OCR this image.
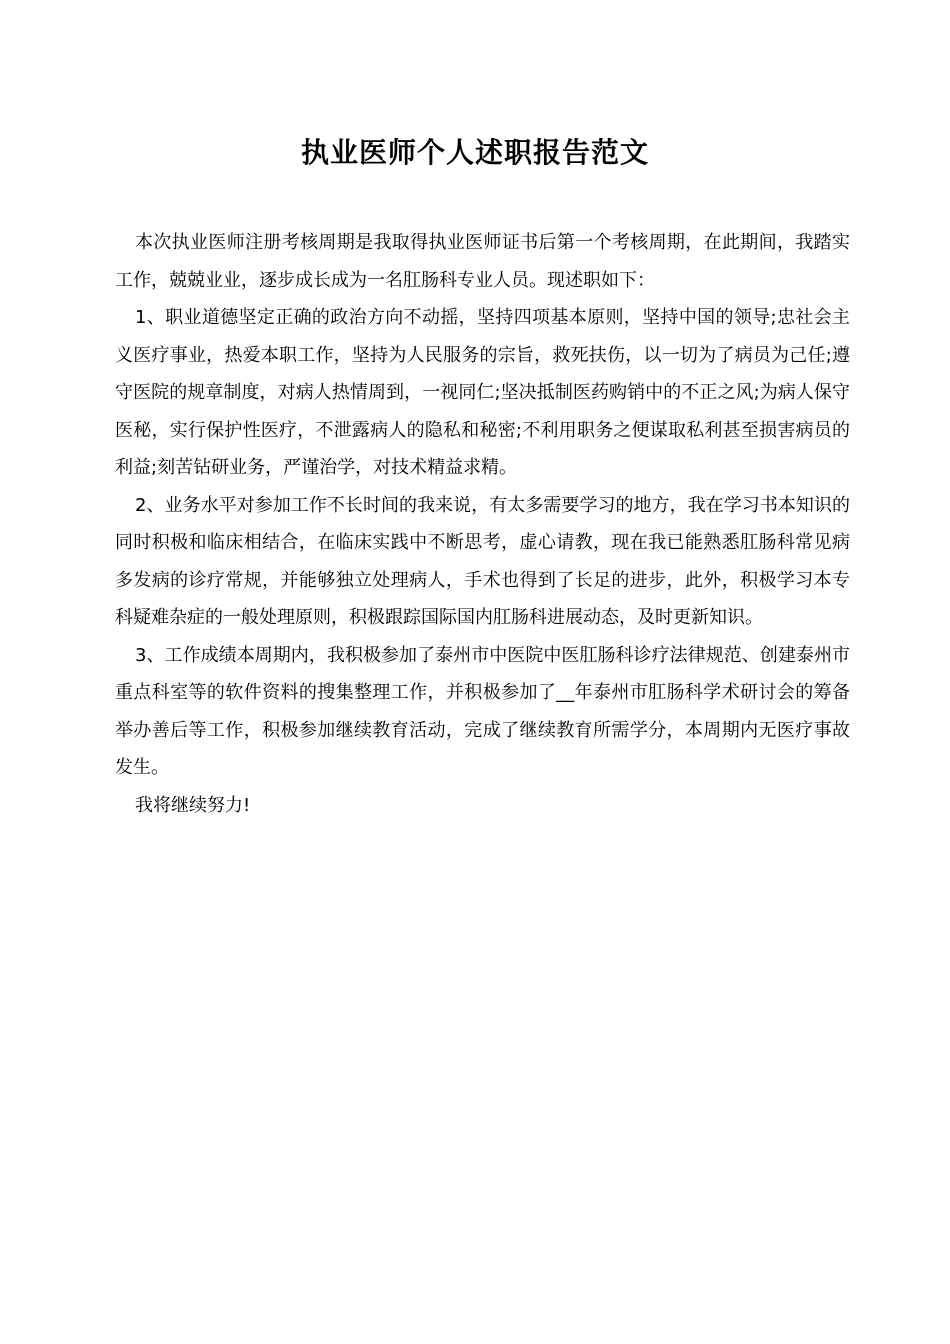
执业医师个人述职报告范文

本次执业医师注册考核周期是我取得执业医师证书后第一个考核周期，在此期间，我踏实工作，兢兢业业，逐步成长成为一名肛肠科专业人员。现述职如下：

1、职业道德坚定正确的政治方向不动摇，坚持四项基本原则，坚持中国的领导;忠社会主义医疗事业，热爱本职工作，坚持为人民服务的宗旨，救死扶伤，以一切为了病员为己任;遵守医院的规章制度，对病人热情周到，一视同仁;坚决抵制医药购销中的不正之风;为病人保守医秘，实行保护性医疗，不泄露病人的隐私和秘密;不利用职务之便谋取私利甚至损害病员的利益;刻苦钻研业务，严谨治学，对技术精益求精。

2、业务水平对参加工作不长时间的我来说，有太多需要学习的地方，我在学习书本知识的同时积极和临床相结合，在临床实践中不断思考，虚心请教，现在我已能熟悉肛肠科常见病多发病的诊疗常规，并能够独立处理病人，手术也得到了长足的进步，此外，积极学习本专科疑难杂症的一般处理原则，积极跟踪国际国内肛肠科进展动态，及时更新知识。

3、工作成绩本周期内，我积极参加了泰州市中医院中医肛肠科诊疗法律规范、创建泰州市重点科室等的软件资料的搜集整理工作，并积极参加了__年泰州市肛肠科学术研讨会的筹备举办善后等工作，积极参加继续教育活动，完成了继续教育所需学分，本周期内无医疗事故发生。

我将继续努力!
